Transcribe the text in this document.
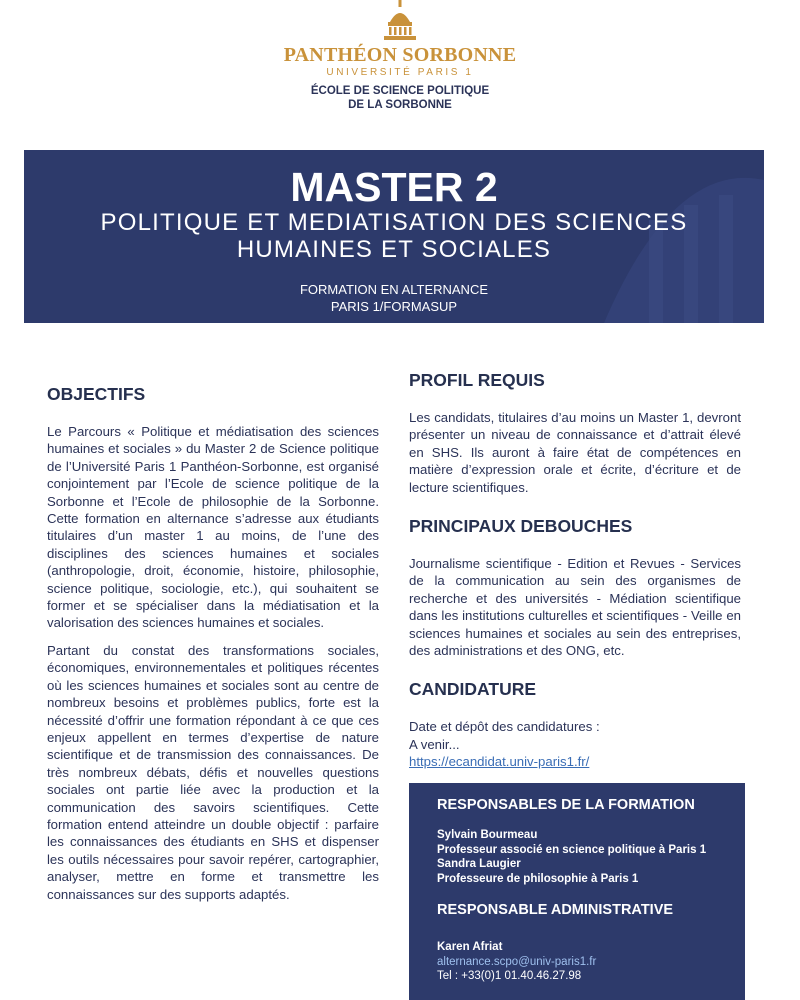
PANTHÉON SORBONNE
UNIVERSITÉ PARIS 1
ÉCOLE DE SCIENCE POLITIQUE
DE LA SORBONNE
MASTER 2
POLITIQUE ET MEDIATISATION DES SCIENCES
HUMAINES ET SOCIALES
FORMATION EN ALTERNANCE
PARIS 1/FORMASUP
OBJECTIFS

Le Parcours « Politique et médiatisation des sciences humaines et sociales » du Master 2 de Science politique de l’Université Paris 1 Panthéon-Sorbonne, est organisé conjointement par l’Ecole de science politique de la Sorbonne et l’Ecole de philosophie de la Sorbonne. Cette formation en alternance s’adresse aux étudiants titulaires d’un master 1 au moins, de l’une des disciplines des sciences humaines et sociales (anthropologie, droit, économie, histoire, philosophie, science politique, sociologie, etc.), qui souhaitent se former et se spécialiser dans la médiatisation et la valorisation des sciences humaines et sociales.

Partant du constat des transformations sociales, économiques, environnementales et politiques récentes où les sciences humaines et sociales sont au centre de nombreux besoins et problèmes publics, forte est la nécessité d’offrir une formation répondant à ce que ces enjeux appellent en termes d’expertise de nature scientifique et de transmission des connaissances. De très nombreux débats, défis et nouvelles questions sociales ont partie liée avec la production et la communication des savoirs scientifiques. Cette formation entend atteindre un double objectif : parfaire les connaissances des étudiants en SHS et dispenser les outils nécessaires pour savoir repérer, cartographier, analyser, mettre en forme et transmettre les connaissances sur des supports adaptés.

PROFIL REQUIS

Les candidats, titulaires d’au moins un Master 1, devront présenter un niveau de connaissance et d’attrait élevé en SHS. Ils auront à faire état de compétences en matière d’expression orale et écrite, d’écriture et de lecture scientifiques.

PRINCIPAUX DEBOUCHES

Journalisme scientifique - Edition et Revues - Services de la communication au sein des organismes de recherche et des universités - Médiation scientifique dans les institutions culturelles et scientifiques - Veille en sciences humaines et sociales au sein des entreprises, des administrations et des ONG, etc.

CANDIDATURE

Date et dépôt des candidatures :

A venir...

https://ecandidat.univ-paris1.fr/

RESPONSABLES DE LA FORMATION
Sylvain Bourmeau
Professeur associé en science politique à Paris 1
Sandra Laugier
Professeure de philosophie à Paris 1
RESPONSABLE ADMINISTRATIVE
Karen Afriat
alternance.scpo@univ-paris1.fr
Tel : +33(0)1 01.40.46.27.98
